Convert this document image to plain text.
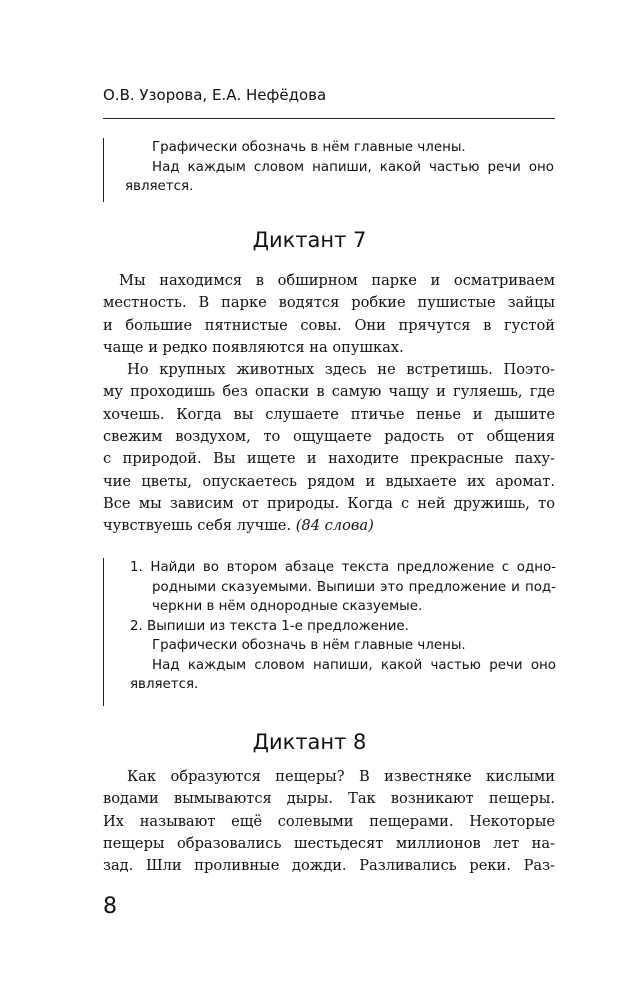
О.В. Узорова, Е.А. Нефёдова

Графически обозначь в нём главные члены.

Над каждым словом напиши, какой частью речи оно

является.

Диктант 7
Мы находимся в обширном парке и осматриваем
местность. В парке водятся робкие пушистые зайцы
и большие пятнистые совы. Они прячутся в густой
чаще и редко появляются на опушках.
Но крупных животных здесь не встретишь. Поэто-
му проходишь без опаски в самую чащу и гуляешь, где
хочешь. Когда вы слушаете птичье пенье и дышите
свежим воздухом, то ощущаете радость от общения
с природой. Вы ищете и находите прекрасные паху-
чие цветы, опускаетесь рядом и вдыхаете их аромат.
Все мы зависим от природы. Когда с ней дружишь, то
чувствуешь себя лучше. (84 слова)

1. Найди во втором абзаце текста предложение с одно-

родными сказуемыми. Выпиши это предложение и под-

черкни в нём однородные сказуемые.

2. Выпиши из текста 1-е предложение.

Графически обозначь в нём главные члены.

Над каждым словом напиши, какой частью речи оно

является.

Диктант 8
Как образуются пещеры? В известняке кислыми
водами вымываются дыры. Так возникают пещеры.
Их называют ещё солевыми пещерами. Некоторые
пещеры образовались шестьдесят миллионов лет на-
зад. Шли проливные дожди. Разливались реки. Раз-
8
